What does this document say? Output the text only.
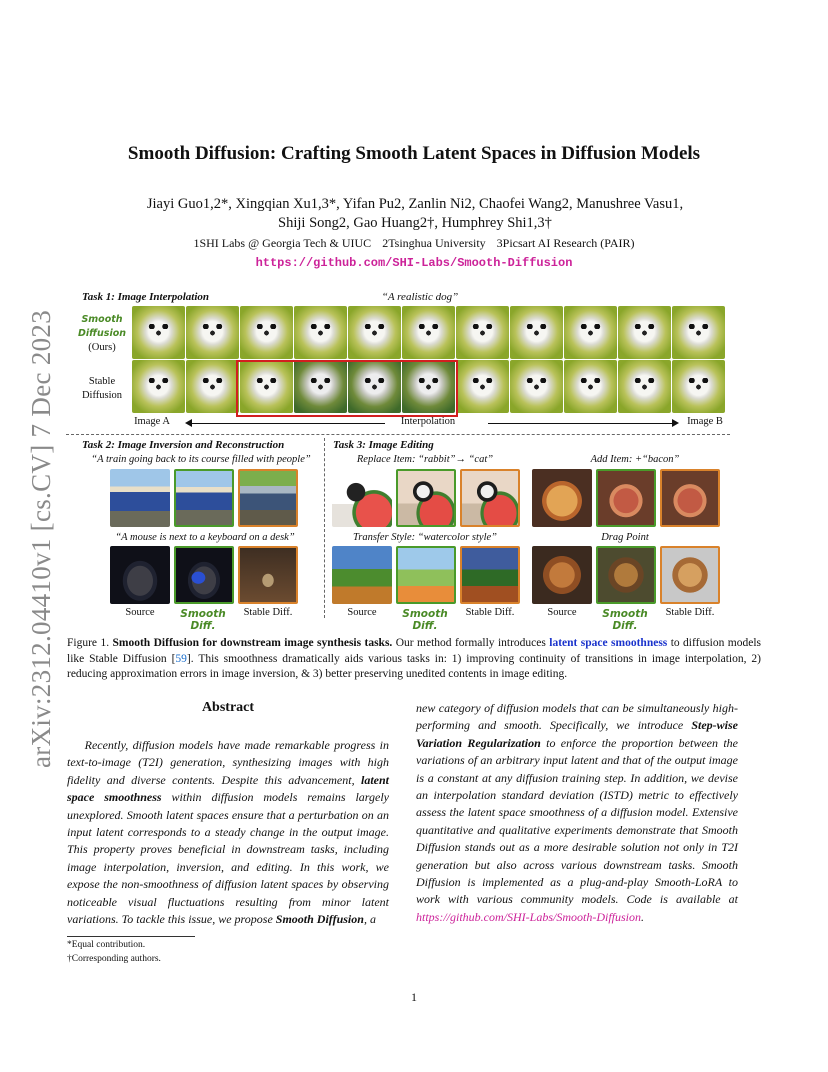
arXiv:2312.04410v1 [cs.CV] 7 Dec 2023
Smooth Diffusion: Crafting Smooth Latent Spaces in Diffusion Models
Jiayi Guo1,2*, Xingqian Xu1,3*, Yifan Pu2, Zanlin Ni2, Chaofei Wang2, Manushree Vasu1,
Shiji Song2, Gao Huang2†, Humphrey Shi1,3†
1SHI Labs @ Georgia Tech & UIUC 2Tsinghua University 3Picsart AI Research (PAIR)
https://github.com/SHI-Labs/Smooth-Diffusion
Task 1: Image Interpolation	“A realistic dog”
Smooth
Diffusion
(Ours)
Stable Diffusion
Image A	Interpolation	Image B
Task 2: Image Inversion and Reconstruction
“A train going back to its course filled with people”
“A mouse is next to a keyboard on a desk”
Source	Smooth Diff.
Stable Diff.
Task 3: Image Editing
Replace Item: “rabbit”→ “cat”	Add Item: +“bacon”
Transfer Style: “watercolor style”	Drag Point
Source	Smooth Diff.
Stable Diff.	Source	Smooth Diff.
Stable Diff.
Figure 1. Smooth Diffusion for downstream image synthesis tasks. Our method formally introduces latent space smoothness to diffusion models like Stable Diffusion [59]. This smoothness dramatically aids various tasks in: 1) improving continuity of transitions in image interpolation, 2) reducing approximation errors in image inversion, & 3) better preserving unedited contents in image editing.
Abstract
Recently, diffusion models have made remarkable progress in text-to-image (T2I) generation, synthesizing images with high fidelity and diverse contents. Despite this advancement, latent space smoothness within diffusion models remains largely unexplored. Smooth latent spaces ensure that a perturbation on an input latent corresponds to a steady change in the output image. This property proves beneficial in downstream tasks, including image interpolation, inversion, and editing. In this work, we expose the non-smoothness of diffusion latent spaces by observing noticeable visual fluctuations resulting from minor latent variations. To tackle this issue, we propose Smooth Diffusion, a
new category of diffusion models that can be simultaneously high-performing and smooth. Specifically, we introduce Step-wise Variation Regularization to enforce the proportion between the variations of an arbitrary input latent and that of the output image is a constant at any diffusion training step. In addition, we devise an interpolation standard deviation (ISTD) metric to effectively assess the latent space smoothness of a diffusion model. Extensive quantitative and qualitative experiments demonstrate that Smooth Diffusion stands out as a more desirable solution not only in T2I generation but also across various downstream tasks. Smooth Diffusion is implemented as a plug-and-play Smooth-LoRA to work with various community models. Code is available at https://github.com/SHI-Labs/Smooth-Diffusion.
*Equal contribution.
†Corresponding authors.
1
